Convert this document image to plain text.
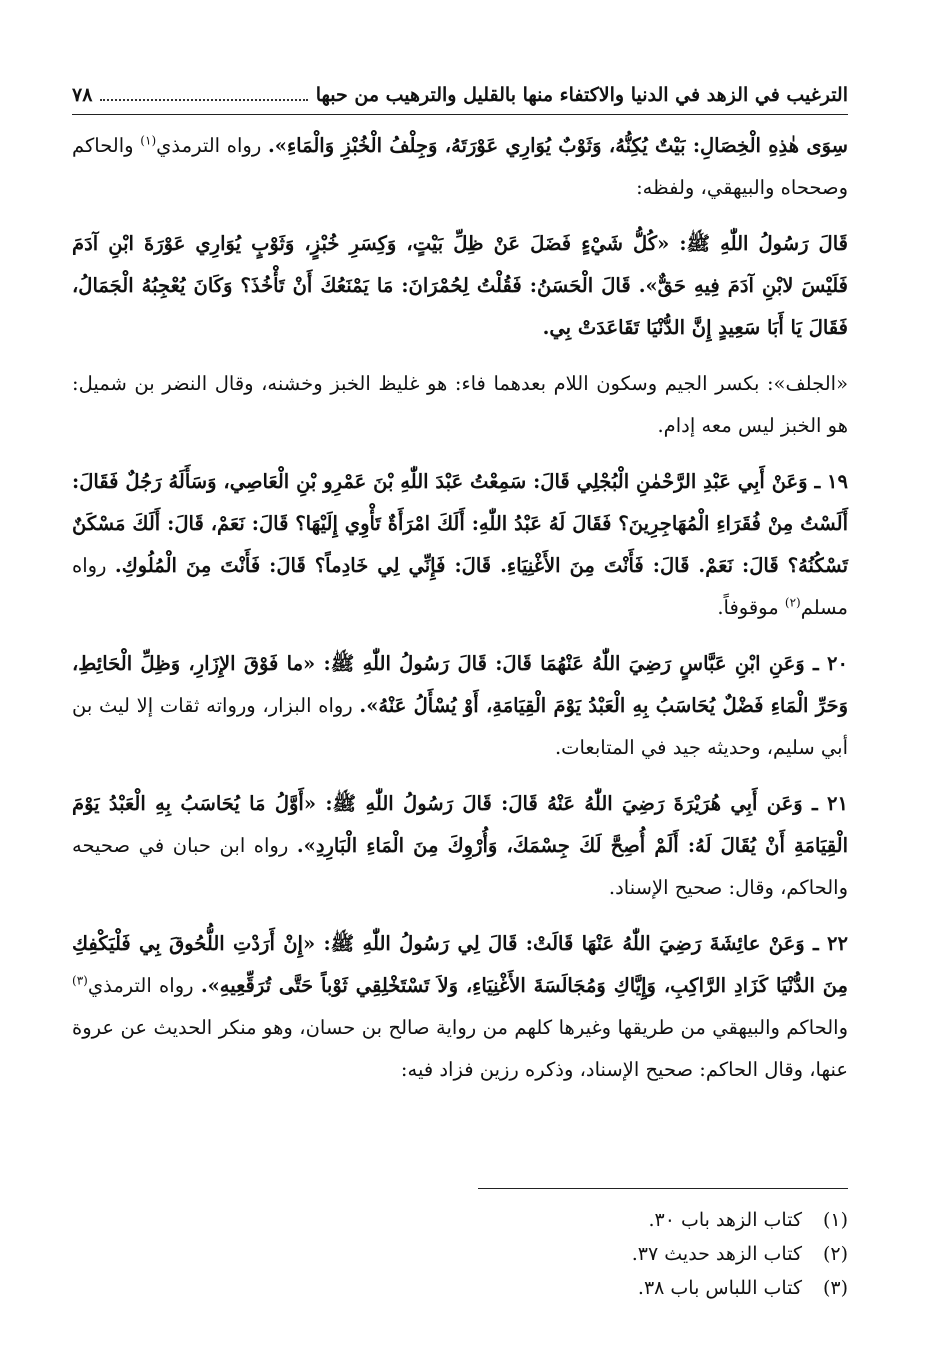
الترغيب في الزهد في الدنيا والاكتفاء منها بالقليل والترهيب من حبها
٧٨

سِوَى هٰذِهِ الْخِصَالِ: بَيْتٌ يُكِنُّهُ، وَثَوْبٌ يُوَارِي عَوْرَتَهُ، وَجِلْفُ الْخُبْزِ وَالْمَاءِ». رواه الترمذي$^{(١)}$ والحاكم وصححاه والبيهقي، ولفظه:

قَالَ رَسُولُ اللّٰهِ ﷺ: «كُلُّ شَيْءٍ فَضَلَ عَنْ ظِلِّ بَيْتٍ، وَكِسَرِ خُبْزٍ، وَثَوْبٍ يُوَارِي عَوْرَةَ ابْنِ آدَمَ فَلَيْسَ لابْنِ آدَمَ فِيهِ حَقٌّ». قَالَ الْحَسَنُ: فَقُلْتُ لِحُمْرَانَ: مَا يَمْنَعُكَ أَنْ تَأْخُذَ؟ وَكَانَ يُعْجِبُهُ الْجَمَالُ، فَقَالَ يَا أَبَا سَعِيدٍ إِنَّ الدُّنْيَا تَقَاعَدَتْ بِي.

«الجلف»: بكسر الجيم وسكون اللام بعدهما فاء: هو غليظ الخبز وخشنه، وقال النضر بن شميل: هو الخبز ليس معه إدام.

١٩ ـ وَعَنْ أَبِي عَبْدِ الرَّحْمٰنِ الْبُجْلِي قَالَ: سَمِعْتُ عَبْدَ اللّٰهِ بْنَ عَمْرِو بْنِ الْعَاصِي، وَسَأَلَهُ رَجُلٌ فَقَالَ: أَلَسْتُ مِنْ فُقَرَاءِ الْمُهَاجِرِينَ؟ فَقَالَ لَهُ عَبْدُ اللّٰهِ: أَلَكَ امْرَأَةٌ تَأْوِي إِلَيْهَا؟ قَالَ: نَعَمْ، قَالَ: أَلَكَ مَسْكَنٌ تَسْكُنُهُ؟ قَالَ: نَعَمْ. قَالَ: فَأَنْتَ مِنَ الأَغْنِيَاءِ. قَالَ: فَإِنِّي لِي خَادِماً؟ قَالَ: فَأَنْتَ مِنَ الْمُلُوكِ. رواه مسلم$^{(٢)}$ موقوفاً.

٢٠ ـ وَعَنِ ابْنِ عَبَّاسٍ رَضِيَ اللّٰهُ عَنْهُمَا قَالَ: قَالَ رَسُولُ اللّٰهِ ﷺ: «ما فَوْقَ الإِزَارِ، وَظِلِّ الْحَائِطِ، وَحَرِّ الْمَاءِ فَضْلٌ يُحَاسَبُ بِهِ الْعَبْدُ يَوْمَ الْقِيَامَةِ، أَوْ يُسْأَلُ عَنْهُ». رواه البزار، ورواته ثقات إلا ليث بن أبي سليم، وحديثه جيد في المتابعات.

٢١ ـ وَعَن أَبِي هُرَيْرَةَ رَضِيَ اللّٰهُ عَنْهُ قَالَ: قَالَ رَسُولُ اللّٰهِ ﷺ: «أَوَّلُ مَا يُحَاسَبُ بِهِ الْعَبْدُ يَوْمَ الْقِيَامَةِ أَنْ يُقَالَ لَهُ: أَلَمْ أُصِحَّ لَكَ جِسْمَكَ، وَأُرْوِكَ مِنَ الْمَاءِ الْبَارِدِ». رواه ابن حبان في صحيحه والحاكم، وقال: صحيح الإسناد.

٢٢ ـ وَعَنْ عائِشَةَ رَضِيَ اللّٰهُ عَنْهَا قَالَتْ: قَالَ لِي رَسُولُ اللّٰهِ ﷺ: «إِنْ أَرَدْتِ اللُّحُوقَ بِي فَلْيَكْفِكِ مِنَ الدُّنْيَا كَزَادِ الرَّاكِبِ، وَإِيَّاكِ وَمُجَالَسَةَ الأَغْنِيَاءِ، وَلاَ تَسْتَخْلِقِي ثَوْباً حَتَّى تُرَقِّعِيهِ». رواه الترمذي$^{(٣)}$ والحاكم والبيهقي من طريقها وغيرها كلهم من رواية صالح بن حسان، وهو منكر الحديث عن عروة عنها، وقال الحاكم: صحيح الإسناد، وذكره رزين فزاد فيه:

(١)
كتاب الزهد باب ٣٠.
(٢)
كتاب الزهد حديث ٣٧.
(٣)
كتاب اللباس باب ٣٨.
